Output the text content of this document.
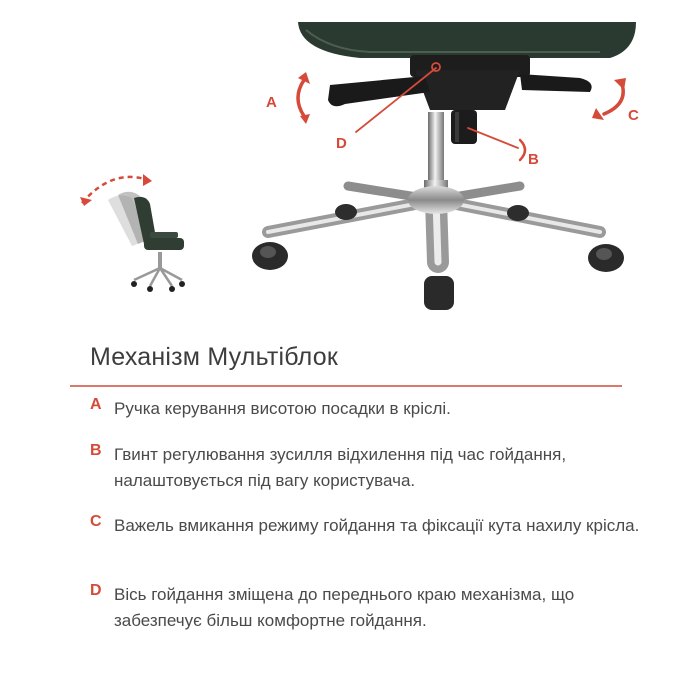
A
B
C
D
Механізм Мультіблок
A Ручка керування висотою посадки в кріслі.
B Гвинт регулювання зусилля відхилення під час гойдання, налаштовується під вагу користувача.
C Важель вмикання режиму гойдання та фіксації кута нахилу крісла.
D Вісь гойдання зміщена до переднього краю механізма, що забезпечує більш комфортне гойдання.
